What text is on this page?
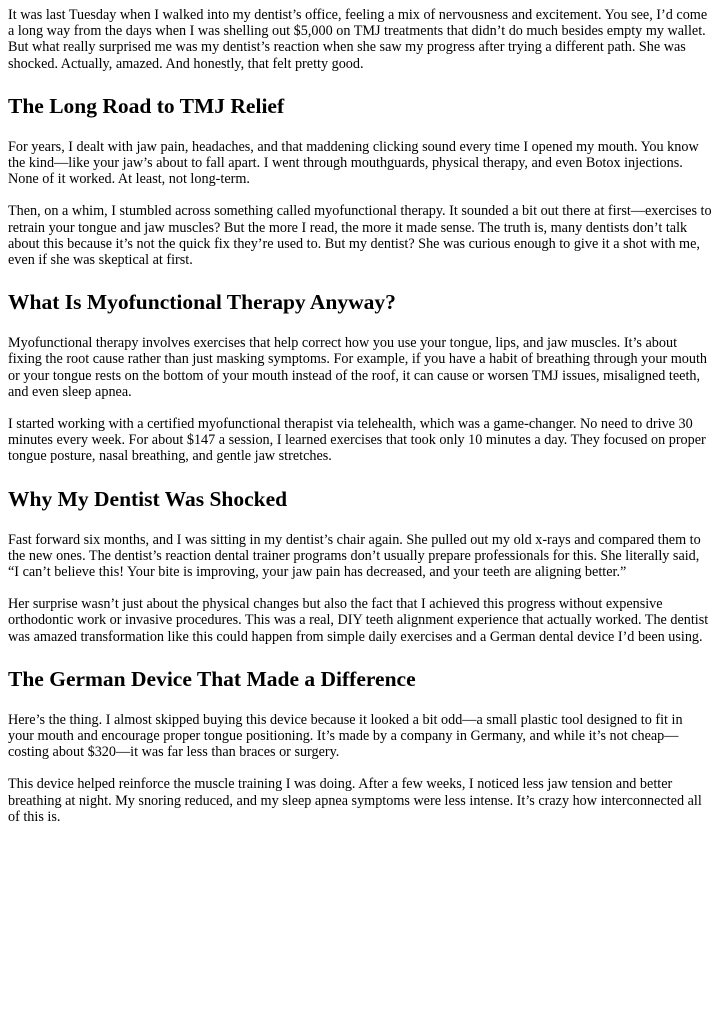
It was last Tuesday when I walked into my dentist’s office, feeling a mix of nervousness and excitement. You see, I’d come a long way from the days when I was shelling out $5,000 on TMJ treatments that didn’t do much besides empty my wallet. But what really surprised me was my dentist’s reaction when she saw my progress after trying a different path. She was shocked. Actually, amazed. And honestly, that felt pretty good.

The Long Road to TMJ Relief

For years, I dealt with jaw pain, headaches, and that maddening clicking sound every time I opened my mouth. You know the kind—like your jaw’s about to fall apart. I went through mouthguards, physical therapy, and even Botox injections. None of it worked. At least, not long-term.

Then, on a whim, I stumbled across something called myofunctional therapy. It sounded a bit out there at first—exercises to retrain your tongue and jaw muscles? But the more I read, the more it made sense. The truth is, many dentists don’t talk about this because it’s not the quick fix they’re used to. But my dentist? She was curious enough to give it a shot with me, even if she was skeptical at first.

What Is Myofunctional Therapy Anyway?

Myofunctional therapy involves exercises that help correct how you use your tongue, lips, and jaw muscles. It’s about fixing the root cause rather than just masking symptoms. For example, if you have a habit of breathing through your mouth or your tongue rests on the bottom of your mouth instead of the roof, it can cause or worsen TMJ issues, misaligned teeth, and even sleep apnea.

I started working with a certified myofunctional therapist via telehealth, which was a game-changer. No need to drive 30 minutes every week. For about $147 a session, I learned exercises that took only 10 minutes a day. They focused on proper tongue posture, nasal breathing, and gentle jaw stretches.

Why My Dentist Was Shocked

Fast forward six months, and I was sitting in my dentist’s chair again. She pulled out my old x-rays and compared them to the new ones. The dentist’s reaction dental trainer programs don’t usually prepare professionals for this. She literally said, “I can’t believe this! Your bite is improving, your jaw pain has decreased, and your teeth are aligning better.”

Her surprise wasn’t just about the physical changes but also the fact that I achieved this progress without expensive orthodontic work or invasive procedures. This was a real, DIY teeth alignment experience that actually worked. The dentist was amazed transformation like this could happen from simple daily exercises and a German dental device I’d been using.

The German Device That Made a Difference

Here’s the thing. I almost skipped buying this device because it looked a bit odd—a small plastic tool designed to fit in your mouth and encourage proper tongue positioning. It’s made by a company in Germany, and while it’s not cheap—costing about $320—it was far less than braces or surgery.

This device helped reinforce the muscle training I was doing. After a few weeks, I noticed less jaw tension and better breathing at night. My snoring reduced, and my sleep apnea symptoms were less intense. It’s crazy how interconnected all of this is.
